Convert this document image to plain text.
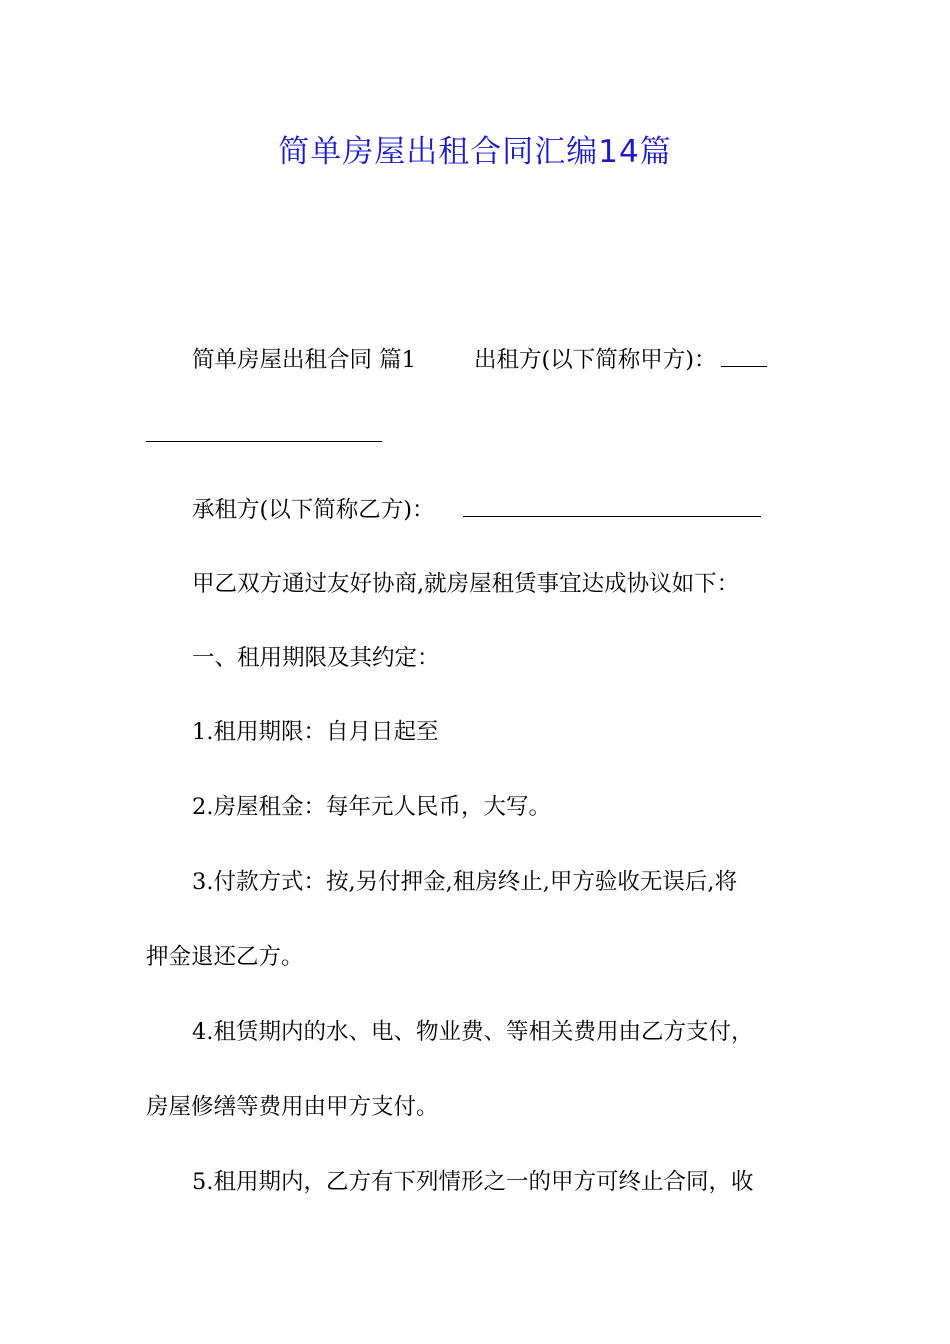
简单房屋出租合同汇编14篇
简单房屋出租合同 篇1	出租方(以下简称甲方)：
承租方(以下简称乙方)：
甲乙双方通过友好协商,就房屋租赁事宜达成协议如下：
一、租用期限及其约定：
1.租用期限：自月日起至
2.房屋租金：每年元人民币，大写。
3.付款方式：按,另付押金,租房终止,甲方验收无误后,将
押金退还乙方。
4.租赁期内的水、电、物业费、等相关费用由乙方支付，
房屋修缮等费用由甲方支付。
5.租用期内，乙方有下列情形之一的甲方可终止合同，收
